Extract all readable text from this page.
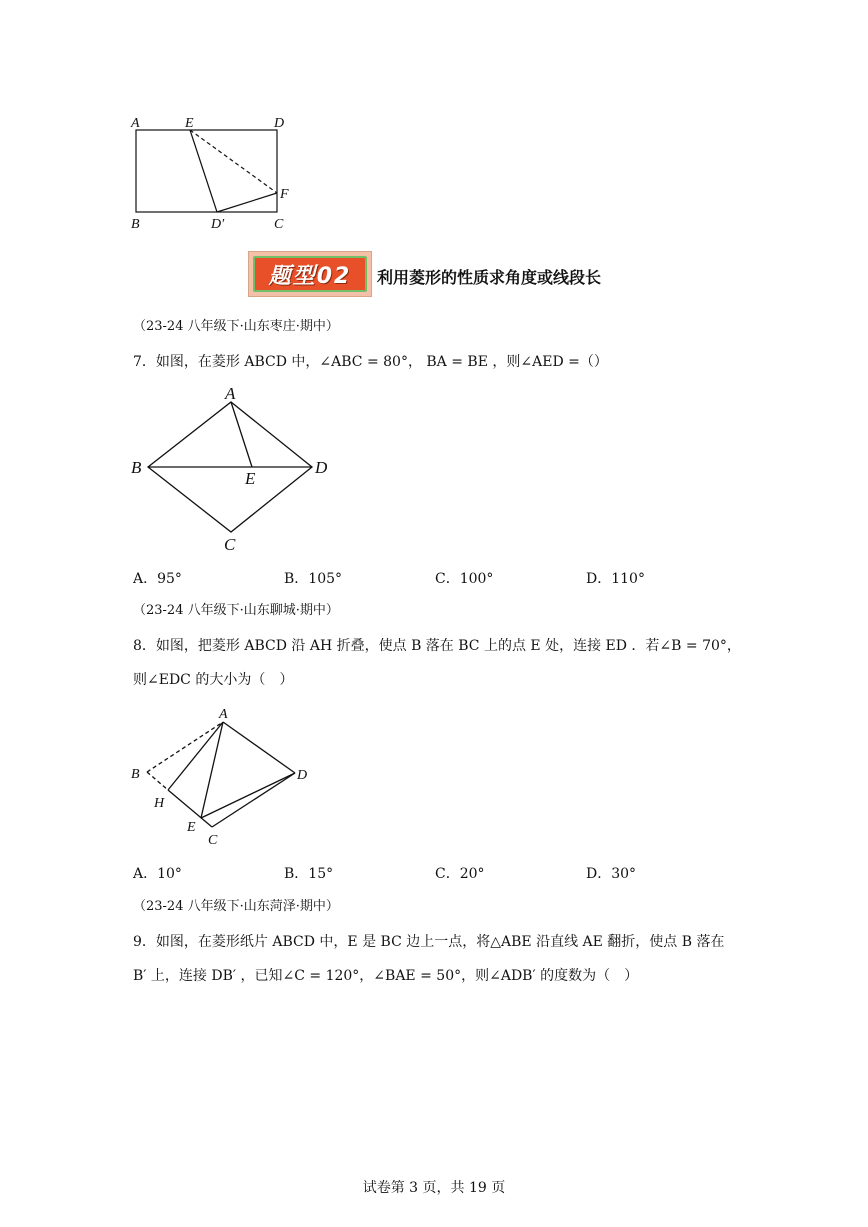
A	E	D
F
B	D′	C
题型02	利用菱形的性质求角度或线段长
（23-24 八年级下·山东枣庄·期中）
7．如图，在菱形 ABCD 中，∠ABC = 80°， BA = BE ，则∠AED =（）
A
B	D
E
C
A．95°	B．105°	C．100°	D．110°
（23-24 八年级下·山东聊城·期中）
8．如图，把菱形 ABCD 沿 AH 折叠，使点 B 落在 BC 上的点 E 处，连接 ED ．若∠B = 70°，
则∠EDC 的大小为（　）
A
B	D
H
E
C
A．10°	B．15°	C．20°	D．30°
（23-24 八年级下·山东菏泽·期中）
9．如图，在菱形纸片 ABCD 中，E 是 BC 边上一点，将△ABE 沿直线 AE 翻折，使点 B 落在
B′ 上，连接 DB′ ，已知∠C = 120°，∠BAE = 50°，则∠ADB′ 的度数为（　）
试卷第 3 页，共 19 页
